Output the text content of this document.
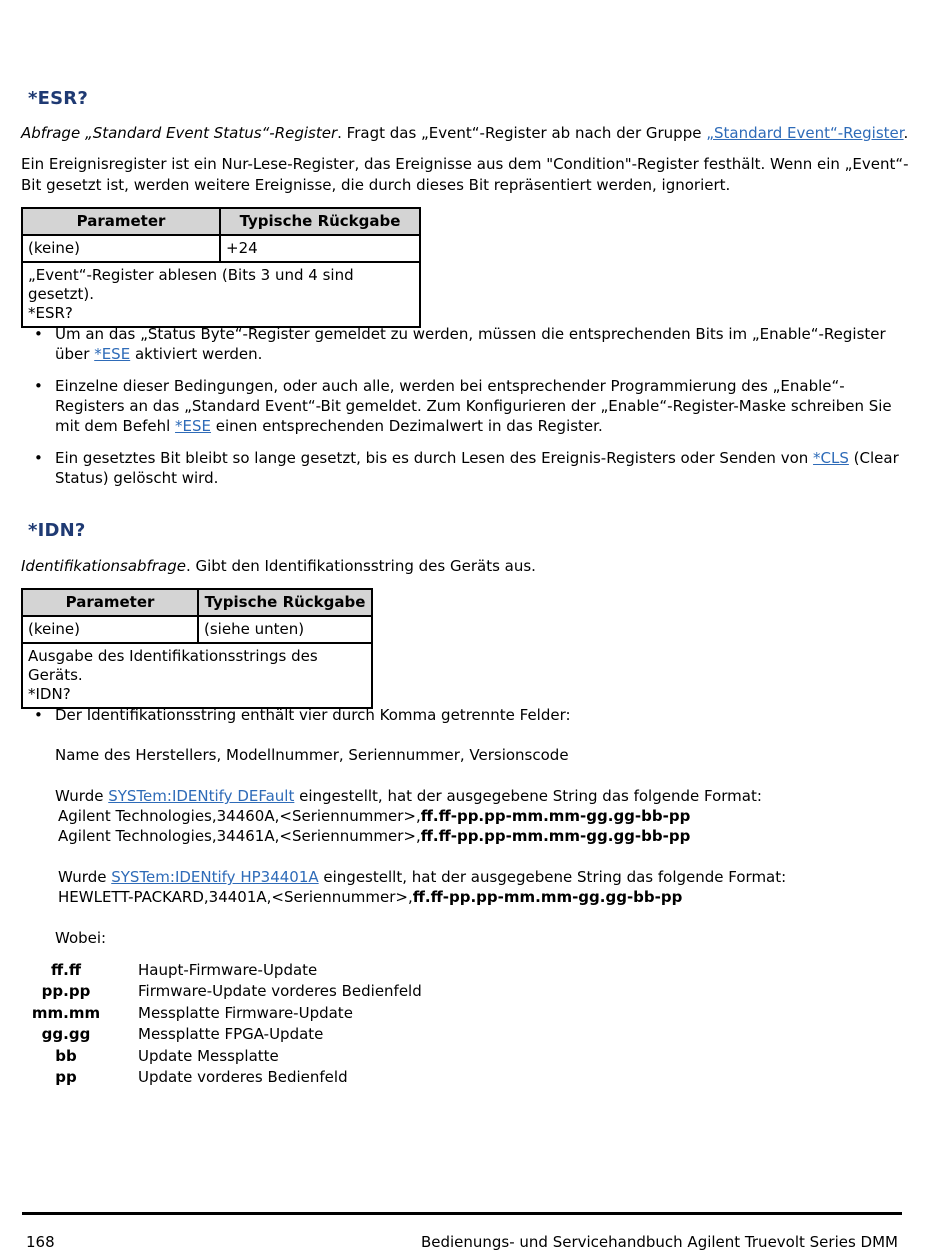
*ESR?

Abfrage „Standard Event Status“-Register. Fragt das „Event“-Register ab nach der Gruppe „Standard Event“-Register.

Ein Ereignisregister ist ein Nur-Lese-Register, das Ereignisse aus dem "Condition"-Register festhält. Wenn ein „Event“-Bit gesetzt ist, werden weitere Ereignisse, die durch dieses Bit repräsentiert werden, ignoriert.

Parameter	Typische Rückgabe
(keine)	+24

„Event“-Register ablesen (Bits 3 und 4 sind gesetzt).
*ESR?	
• Um an das „Status Byte“-Register gemeldet zu werden, müssen die entsprechenden Bits im „Enable“-Register über *ESE aktiviert werden.
• Einzelne dieser Bedingungen, oder auch alle, werden bei entsprechender Programmierung des „Enable“-Registers an das „Standard Event“-Bit gemeldet. Zum Konfigurieren der „Enable“-Register-Maske schreiben Sie mit dem Befehl *ESE einen entsprechenden Dezimalwert in das Register.
• Ein gesetztes Bit bleibt so lange gesetzt, bis es durch Lesen des Ereignis-Registers oder Senden von *CLS (Clear Status) gelöscht wird.
*IDN?

Identifikationsabfrage. Gibt den Identifikationsstring des Geräts aus.

Parameter	Typische Rückgabe
(keine)	(siehe unten)

Ausgabe des Identifikationsstrings des Geräts.
*IDN?	
• Der Identifikationsstring enthält vier durch Komma getrennte Felder:
Name des Herstellers, Modellnummer, Seriennummer, Versionscode
Wurde SYSTem:IDENtify DEFault eingestellt, hat der ausgegebene String das folgende Format:
Agilent Technologies,34460A,<Seriennummer>,ff.ff-pp.pp-mm.mm-gg.gg-bb-pp
Agilent Technologies,34461A,<Seriennummer>,ff.ff-pp.pp-mm.mm-gg.gg-bb-pp
Wurde SYSTem:IDENtify HP34401A eingestellt, hat der ausgegebene String das folgende Format:
HEWLETT-PACKARD,34401A,<Seriennummer>,ff.ff-pp.pp-mm.mm-gg.gg-bb-pp
Wobei:
ff.ff	Haupt-Firmware-Update
pp.pp	Firmware-Update vorderes Bedienfeld
mm.mm	Messplatte Firmware-Update
gg.gg	Messplatte FPGA-Update
bb	Update Messplatte
pp	Update vorderes Bedienfeld
168	Bedienungs- und Servicehandbuch Agilent Truevolt Series DMM
